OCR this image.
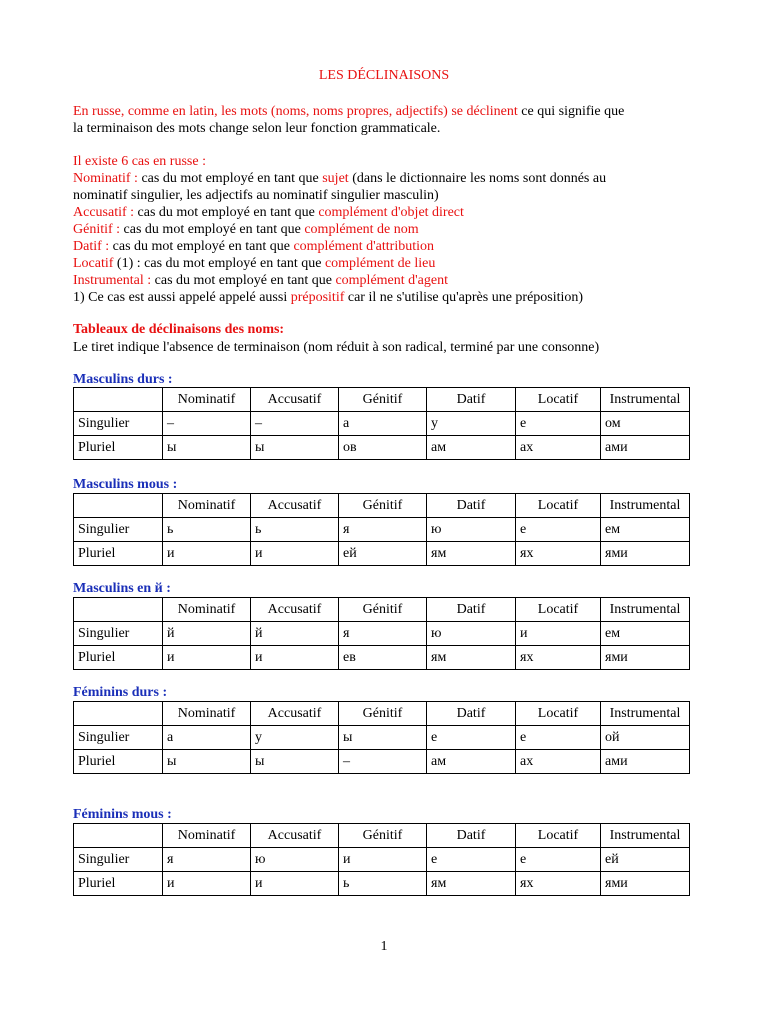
LES DÉCLINAISONS
En russe, comme en latin, les mots (noms, noms propres, adjectifs) se déclinent ce qui signifie que
la terminaison des mots change selon leur fonction grammaticale.
Il existe 6 cas en russe :
Nominatif : cas du mot employé en tant que sujet (dans le dictionnaire les noms sont donnés au
nominatif singulier, les adjectifs au nominatif singulier masculin)
Accusatif : cas du mot employé en tant que complément d'objet direct
Génitif : cas du mot employé en tant que complément de nom
Datif : cas du mot employé en tant que complément d'attribution
Locatif (1) : cas du mot employé en tant que complément de lieu
Instrumental : cas du mot employé en tant que complément d'agent
1) Ce cas est aussi appelé appelé aussi prépositif car il ne s'utilise qu'après une préposition)
Tableaux de déclinaisons des noms:
Le tiret indique l'absence de terminaison (nom réduit à son radical, terminé par une consonne)
Masculins durs :
	Nominatif	Accusatif	Génitif	Datif	Locatif	Instrumental
Singulier	–	–	а	у	е	ом
Pluriel	ы	ы	ов	ам	ах	ами
Masculins mous :
	Nominatif	Accusatif	Génitif	Datif	Locatif	Instrumental
Singulier	ь	ь	я	ю	е	ем
Pluriel	и	и	ей	ям	ях	ями
Masculins en й :
	Nominatif	Accusatif	Génitif	Datif	Locatif	Instrumental
Singulier	й	й	я	ю	и	ем
Pluriel	и	и	ев	ям	ях	ями
Féminins durs :
	Nominatif	Accusatif	Génitif	Datif	Locatif	Instrumental
Singulier	а	у	ы	е	е	ой
Pluriel	ы	ы	–	ам	ах	ами
Féminins mous :
	Nominatif	Accusatif	Génitif	Datif	Locatif	Instrumental
Singulier	я	ю	и	е	е	ей
Pluriel	и	и	ь	ям	ях	ями
1
